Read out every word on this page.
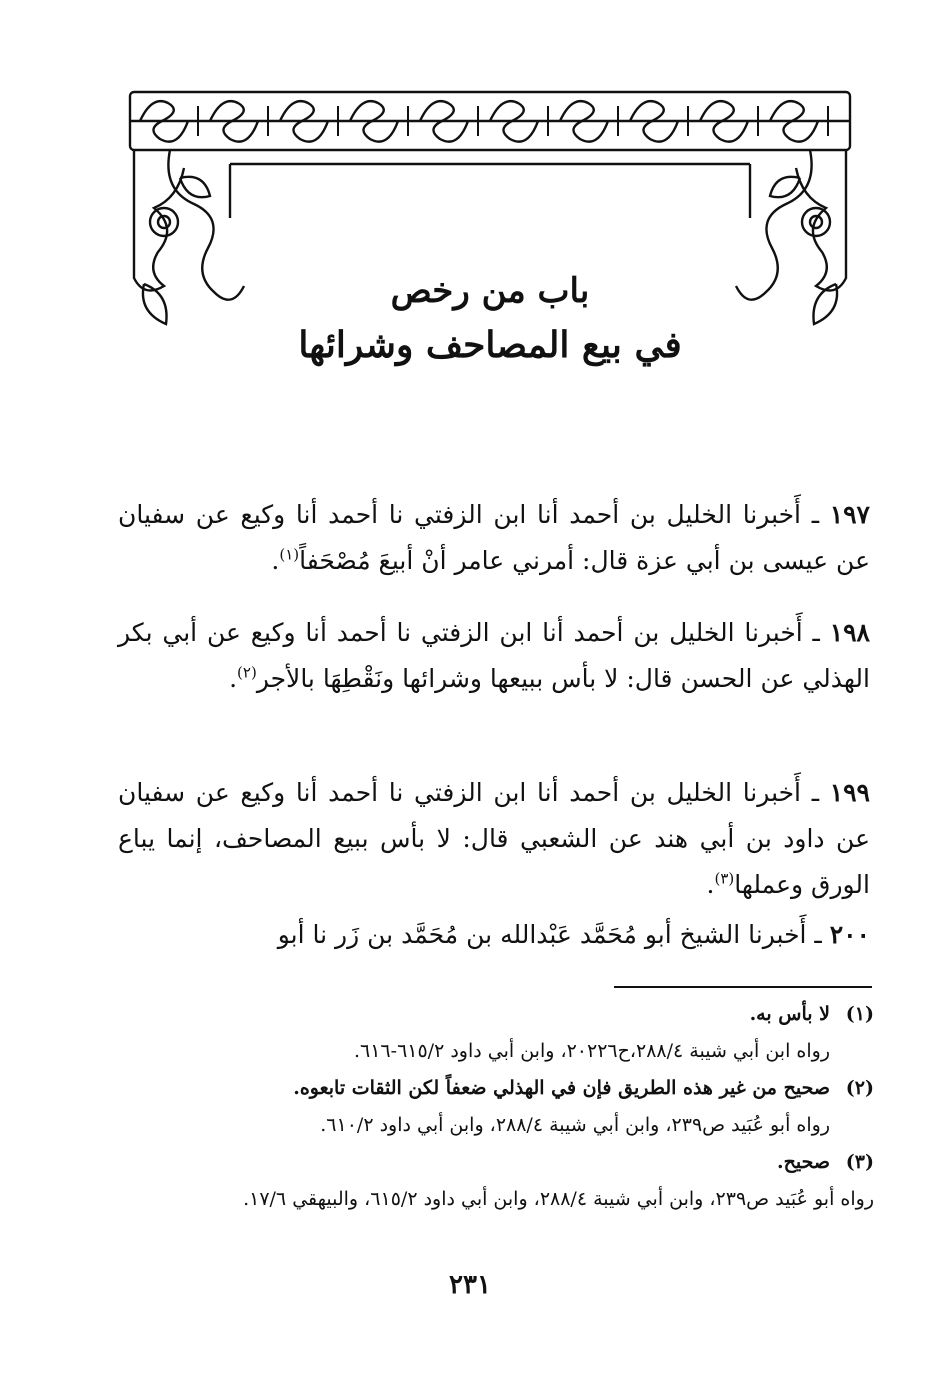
باب من رخص
في بيع المصاحف وشرائها
١٩٧ ـ أَخبرنا الخليل بن أحمد أنا ابن الزفتي نا أحمد أنا وكيع عن سفيان عن عيسى بن أبي عزة قال: أمرني عامر أنْ أبيعَ مُصْحَفاً$^{(١)}$.
١٩٨ ـ أَخبرنا الخليل بن أحمد أنا ابن الزفتي نا أحمد أنا وكيع عن أبي بكر الهذلي عن الحسن قال: لا بأس ببيعها وشرائها ونَقْطِهَا بالأجر$^{(٢)}$.
١٩٩ ـ أَخبرنا الخليل بن أحمد أنا ابن الزفتي نا أحمد أنا وكيع عن سفيان عن داود بن أبي هند عن الشعبي قال: لا بأس ببيع المصاحف، إنما يباع الورق وعملها$^{(٣)}$.
٢٠٠ ـ أَخبرنا الشيخ أبو مُحَمَّد عَبْدالله بن مُحَمَّد بن زَر نا أبو
(١)
لا بأس به.
رواه ابن أبي شيبة ٢٨٨/٤،ح٢٠٢٢٦، وابن أبي داود ٦١٥/٢-٦١٦.
(٢)
صحيح من غير هذه الطريق فإن في الهذلي ضعفاً لكن الثقات تابعوه.
رواه أبو عُبَيد ص٢٣٩، وابن أبي شيبة ٢٨٨/٤، وابن أبي داود ٦١٠/٢.
(٣)
صحيح.
رواه أبو عُبَيد ص٢٣٩، وابن أبي شيبة ٢٨٨/٤، وابن أبي داود ٦١٥/٢، والبيهقي ١٧/٦.
٢٣١
